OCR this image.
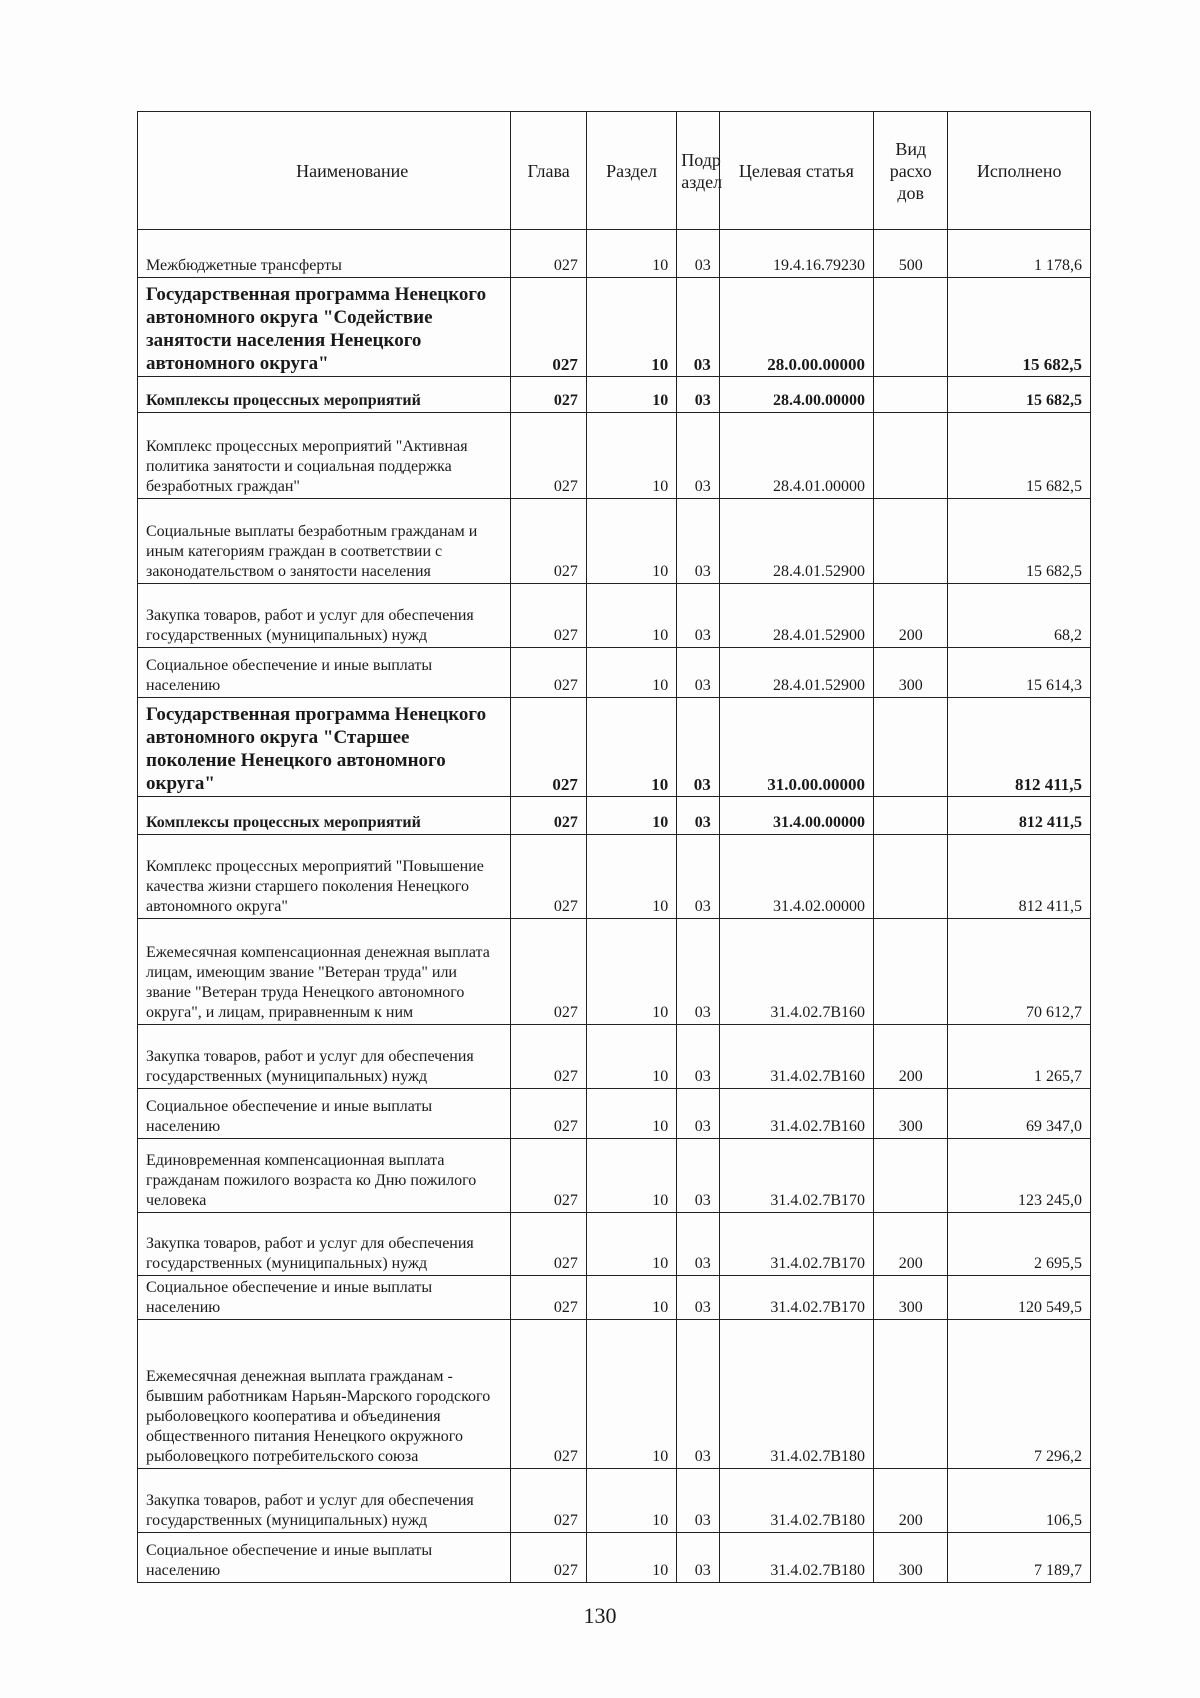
Наименование	Глава	Раздел	Подр аздел	Целевая статья	Вид расхо дов	Исполнено
Межбюджетные трансферты	027	10	03	19.4.16.79230	500	1 178,6
Государственная программа Ненецкого автономного округа "Содействие занятости населения Ненецкого автономного округа"	027	10	03	28.0.00.00000		15 682,5
Комплексы процессных мероприятий	027	10	03	28.4.00.00000		15 682,5
Комплекс процессных мероприятий "Активная политика занятости и социальная поддержка безработных граждан"	027	10	03	28.4.01.00000		15 682,5
Социальные выплаты безработным гражданам и иным категориям граждан в соответствии с законодательством о занятости населения	027	10	03	28.4.01.52900		15 682,5
Закупка товаров, работ и услуг для обеспечения государственных (муниципальных) нужд	027	10	03	28.4.01.52900	200	68,2
Социальное обеспечение и иные выплаты населению	027	10	03	28.4.01.52900	300	15 614,3
Государственная программа Ненецкого автономного округа "Старшее поколение Ненецкого автономного округа"	027	10	03	31.0.00.00000		812 411,5
Комплексы процессных мероприятий	027	10	03	31.4.00.00000		812 411,5
Комплекс процессных мероприятий "Повышение качества жизни старшего поколения Ненецкого автономного округа"	027	10	03	31.4.02.00000		812 411,5
Ежемесячная компенсационная денежная выплата лицам, имеющим звание "Ветеран труда" или звание "Ветеран труда Ненецкого автономного округа", и лицам, приравненным к ним	027	10	03	31.4.02.7В160		70 612,7
Закупка товаров, работ и услуг для обеспечения государственных (муниципальных) нужд	027	10	03	31.4.02.7В160	200	1 265,7
Социальное обеспечение и иные выплаты населению	027	10	03	31.4.02.7В160	300	69 347,0
Единовременная компенсационная выплата гражданам пожилого возраста ко Дню пожилого человека	027	10	03	31.4.02.7В170		123 245,0
Закупка товаров, работ и услуг для обеспечения государственных (муниципальных) нужд	027	10	03	31.4.02.7В170	200	2 695,5
Социальное обеспечение и иные выплаты населению	027	10	03	31.4.02.7В170	300	120 549,5
Ежемесячная денежная выплата гражданам - бывшим работникам Нарьян-Марского городского рыболовецкого кооператива и объединения общественного питания Ненецкого окружного рыболовецкого потребительского союза	027	10	03	31.4.02.7В180		7 296,2
Закупка товаров, работ и услуг для обеспечения государственных (муниципальных) нужд	027	10	03	31.4.02.7В180	200	106,5
Социальное обеспечение и иные выплаты населению	027	10	03	31.4.02.7В180	300	7 189,7
130
